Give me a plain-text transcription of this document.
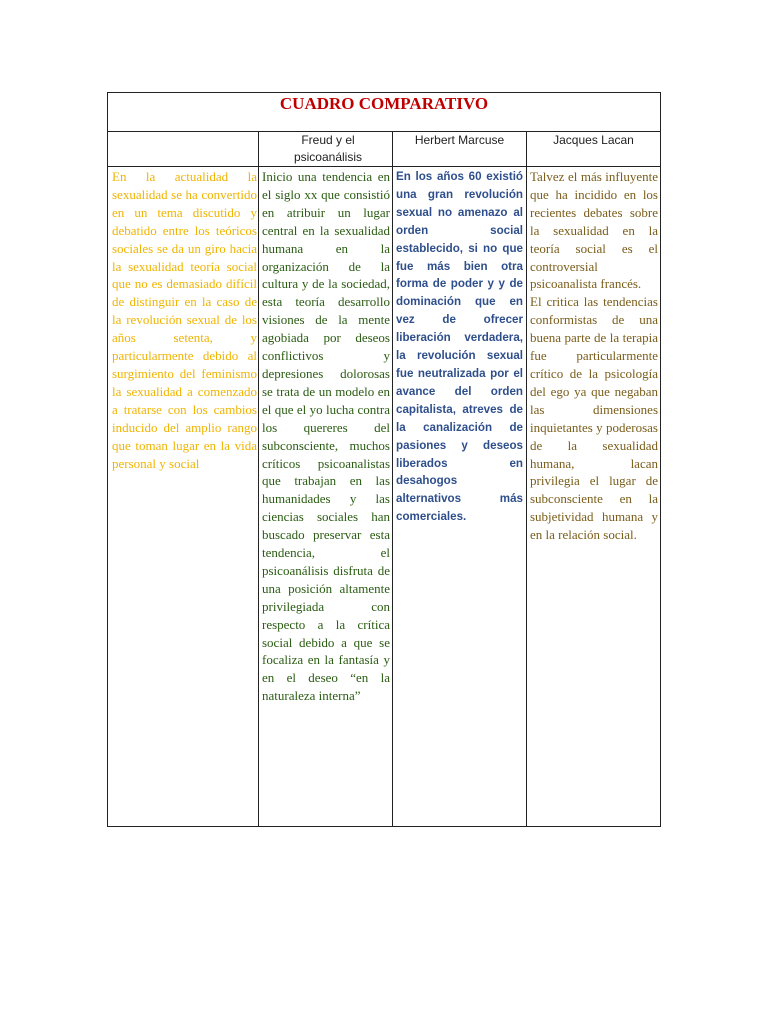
CUADRO COMPARATIVO
Freud y el psicoanálisis
Herbert Marcuse	Jacques Lacan
En la actualidad la sexualidad se ha convertido en un tema discutido y debatido entre los teóricos sociales se da un giro hacia la sexualidad teoría social que no es demasiado difícil de distinguir en la caso de la revolución sexual de los años setenta, y particularmente debido al surgimiento del feminismo la sexualidad a comenzado a tratarse con los cambios inducido del amplio rango que toman lugar en la vida personal y social
Inicio una tendencia en el siglo xx que consistió en atribuir un lugar central en la sexualidad humana en la organización de la cultura y de la sociedad, esta teoría desarrollo visiones de la mente agobiada por deseos conflictivos y depresiones dolorosas se trata de un modelo en el que el yo lucha contra los quereres del subconsciente, muchos críticos psicoanalistas que trabajan en las humanidades y las ciencias sociales han buscado preservar esta tendencia, el psicoanálisis disfruta de una posición altamente privilegiada con respecto a la crítica social debido a que se focaliza en la fantasía y en el deseo “en la naturaleza interna”
En los años 60 existió una gran revolución sexual no amenazo al orden social establecido, si no que fue más bien otra forma de poder y y de dominación que en vez de ofrecer liberación verdadera, la revolución sexual fue neutralizada por el avance del orden capitalista, atreves de la canalización de pasiones y deseos liberados en desahogos alternativos más comerciales.
Talvez el más influyente que ha incidido en los recientes debates sobre la sexualidad en la teoría social es el controversial psicoanalista francés.
El critica las tendencias conformistas de una buena parte de la terapia fue particularmente crítico de la psicología del ego ya que negaban las dimensiones inquietantes y poderosas de la sexualidad humana, lacan privilegia el lugar de subconsciente en la subjetividad humana y en la relación social.
